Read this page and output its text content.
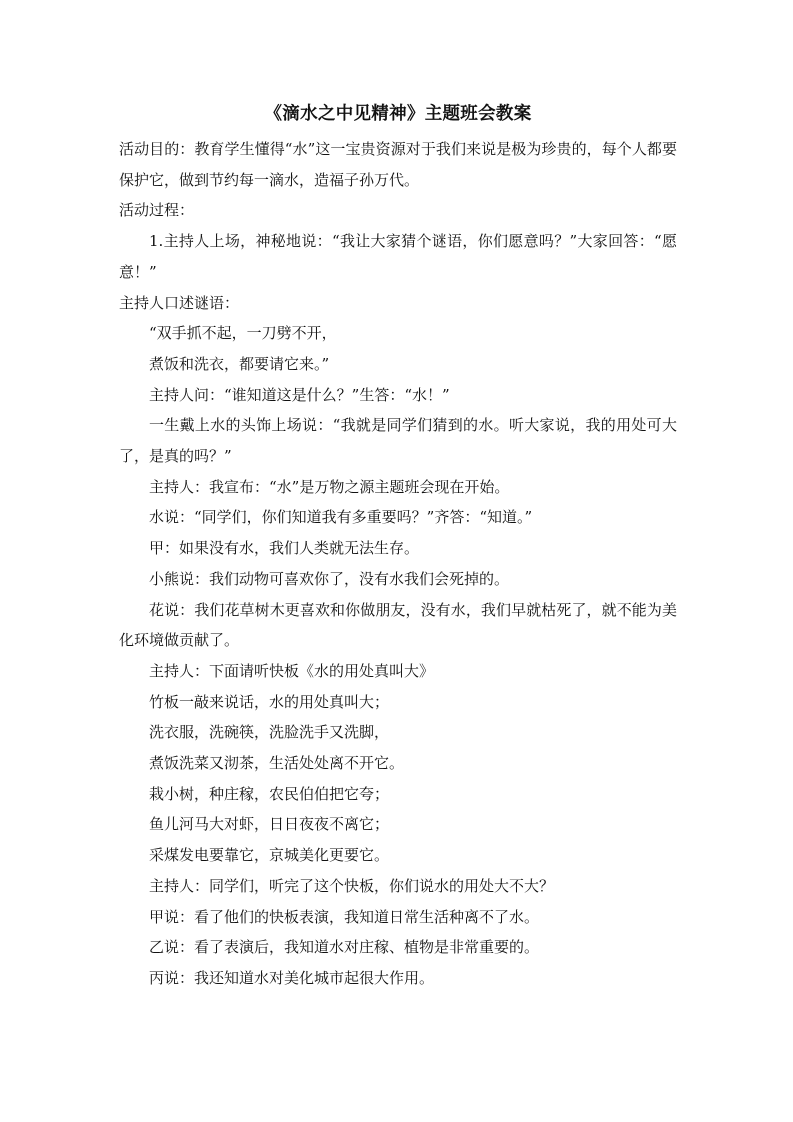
《滴水之中见精神》主题班会教案

活动目的：教育学生懂得“水”这一宝贵资源对于我们来说是极为珍贵的，每个人都要保护它，做到节约每一滴水，造福子孙万代。

活动过程：

1.主持人上场，神秘地说：“我让大家猜个谜语，你们愿意吗？”大家回答：“愿意！”

主持人口述谜语：

“双手抓不起，一刀劈不开，

煮饭和洗衣，都要请它来。”

主持人问：“谁知道这是什么？”生答：“水！”

一生戴上水的头饰上场说：“我就是同学们猜到的水。听大家说，我的用处可大了，是真的吗？”

主持人：我宣布：“水”是万物之源主题班会现在开始。

水说：“同学们，你们知道我有多重要吗？”齐答：“知道。”

甲：如果没有水，我们人类就无法生存。

小熊说：我们动物可喜欢你了，没有水我们会死掉的。

花说：我们花草树木更喜欢和你做朋友，没有水，我们早就枯死了，就不能为美化环境做贡献了。

主持人：下面请听快板《水的用处真叫大》

竹板一敲来说话，水的用处真叫大；

洗衣服，洗碗筷，洗脸洗手又洗脚，

煮饭洗菜又沏茶，生活处处离不开它。

栽小树，种庄稼，农民伯伯把它夸；

鱼儿河马大对虾，日日夜夜不离它；

采煤发电要靠它，京城美化更要它。

主持人：同学们，听完了这个快板，你们说水的用处大不大？

甲说：看了他们的快板表演，我知道日常生活种离不了水。

乙说：看了表演后，我知道水对庄稼、植物是非常重要的。

丙说：我还知道水对美化城市起很大作用。
